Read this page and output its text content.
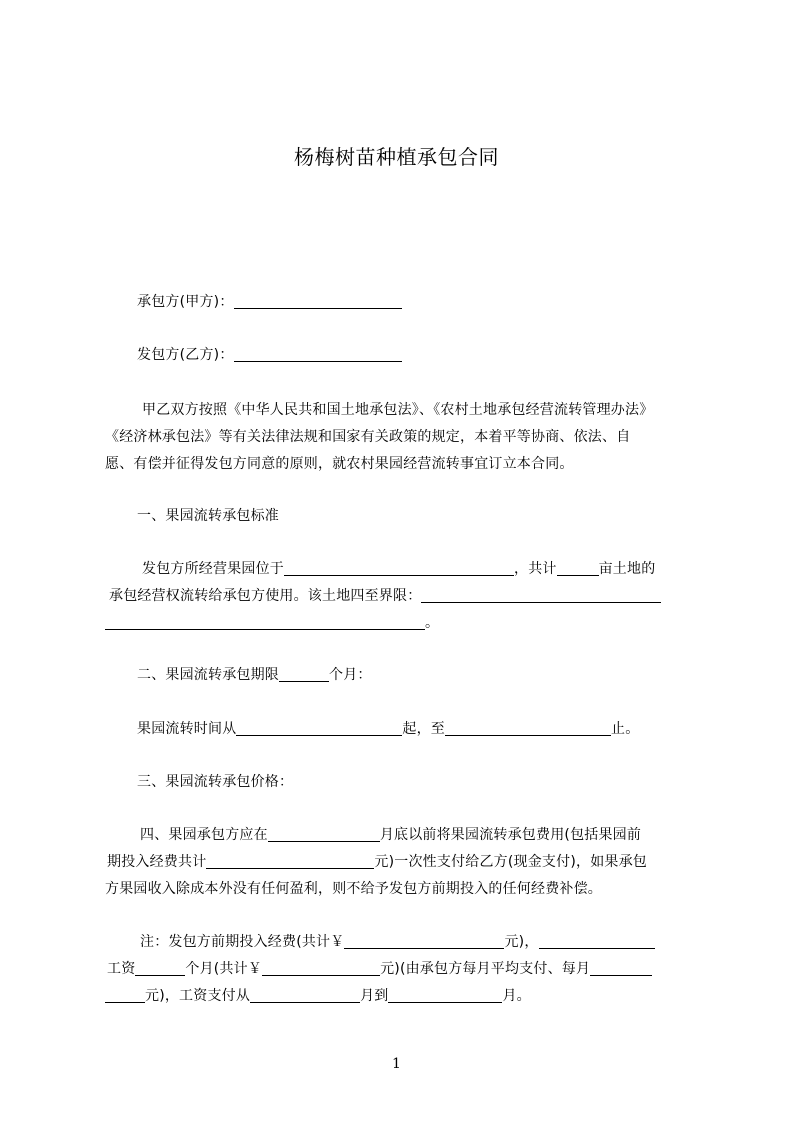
杨梅树苗种植承包合同
承包方(甲方)：
发包方(乙方)：
甲乙双方按照《中华人民共和国土地承包法》、《农村土地承包经营流转管理办法》
《经济林承包法》等有关法律法规和国家有关政策的规定，本着平等协商、依法、自
愿、有偿并征得发包方同意的原则，就农村果园经营流转事宜订立本合同。
一、果园流转承包标准
发包方所经营果园位于	，共计	亩土地的
承包经营权流转给承包方使用。该土地四至界限：
。
二、果园流转承包期限	个月：
果园流转时间从	起，至	止。
三、果园流转承包价格：
四、果园承包方应在	月底以前将果园流转承包费用(包括果园前
期投入经费共计	元)一次性支付给乙方(现金支付)，如果承包
方果园收入除成本外没有任何盈利，则不给予发包方前期投入的任何经费补偿。
注：发包方前期投入经费(共计￥	元)，
工资	个月(共计￥	元)(由承包方每月平均支付、每月
元)，工资支付从	月到	月。
1
